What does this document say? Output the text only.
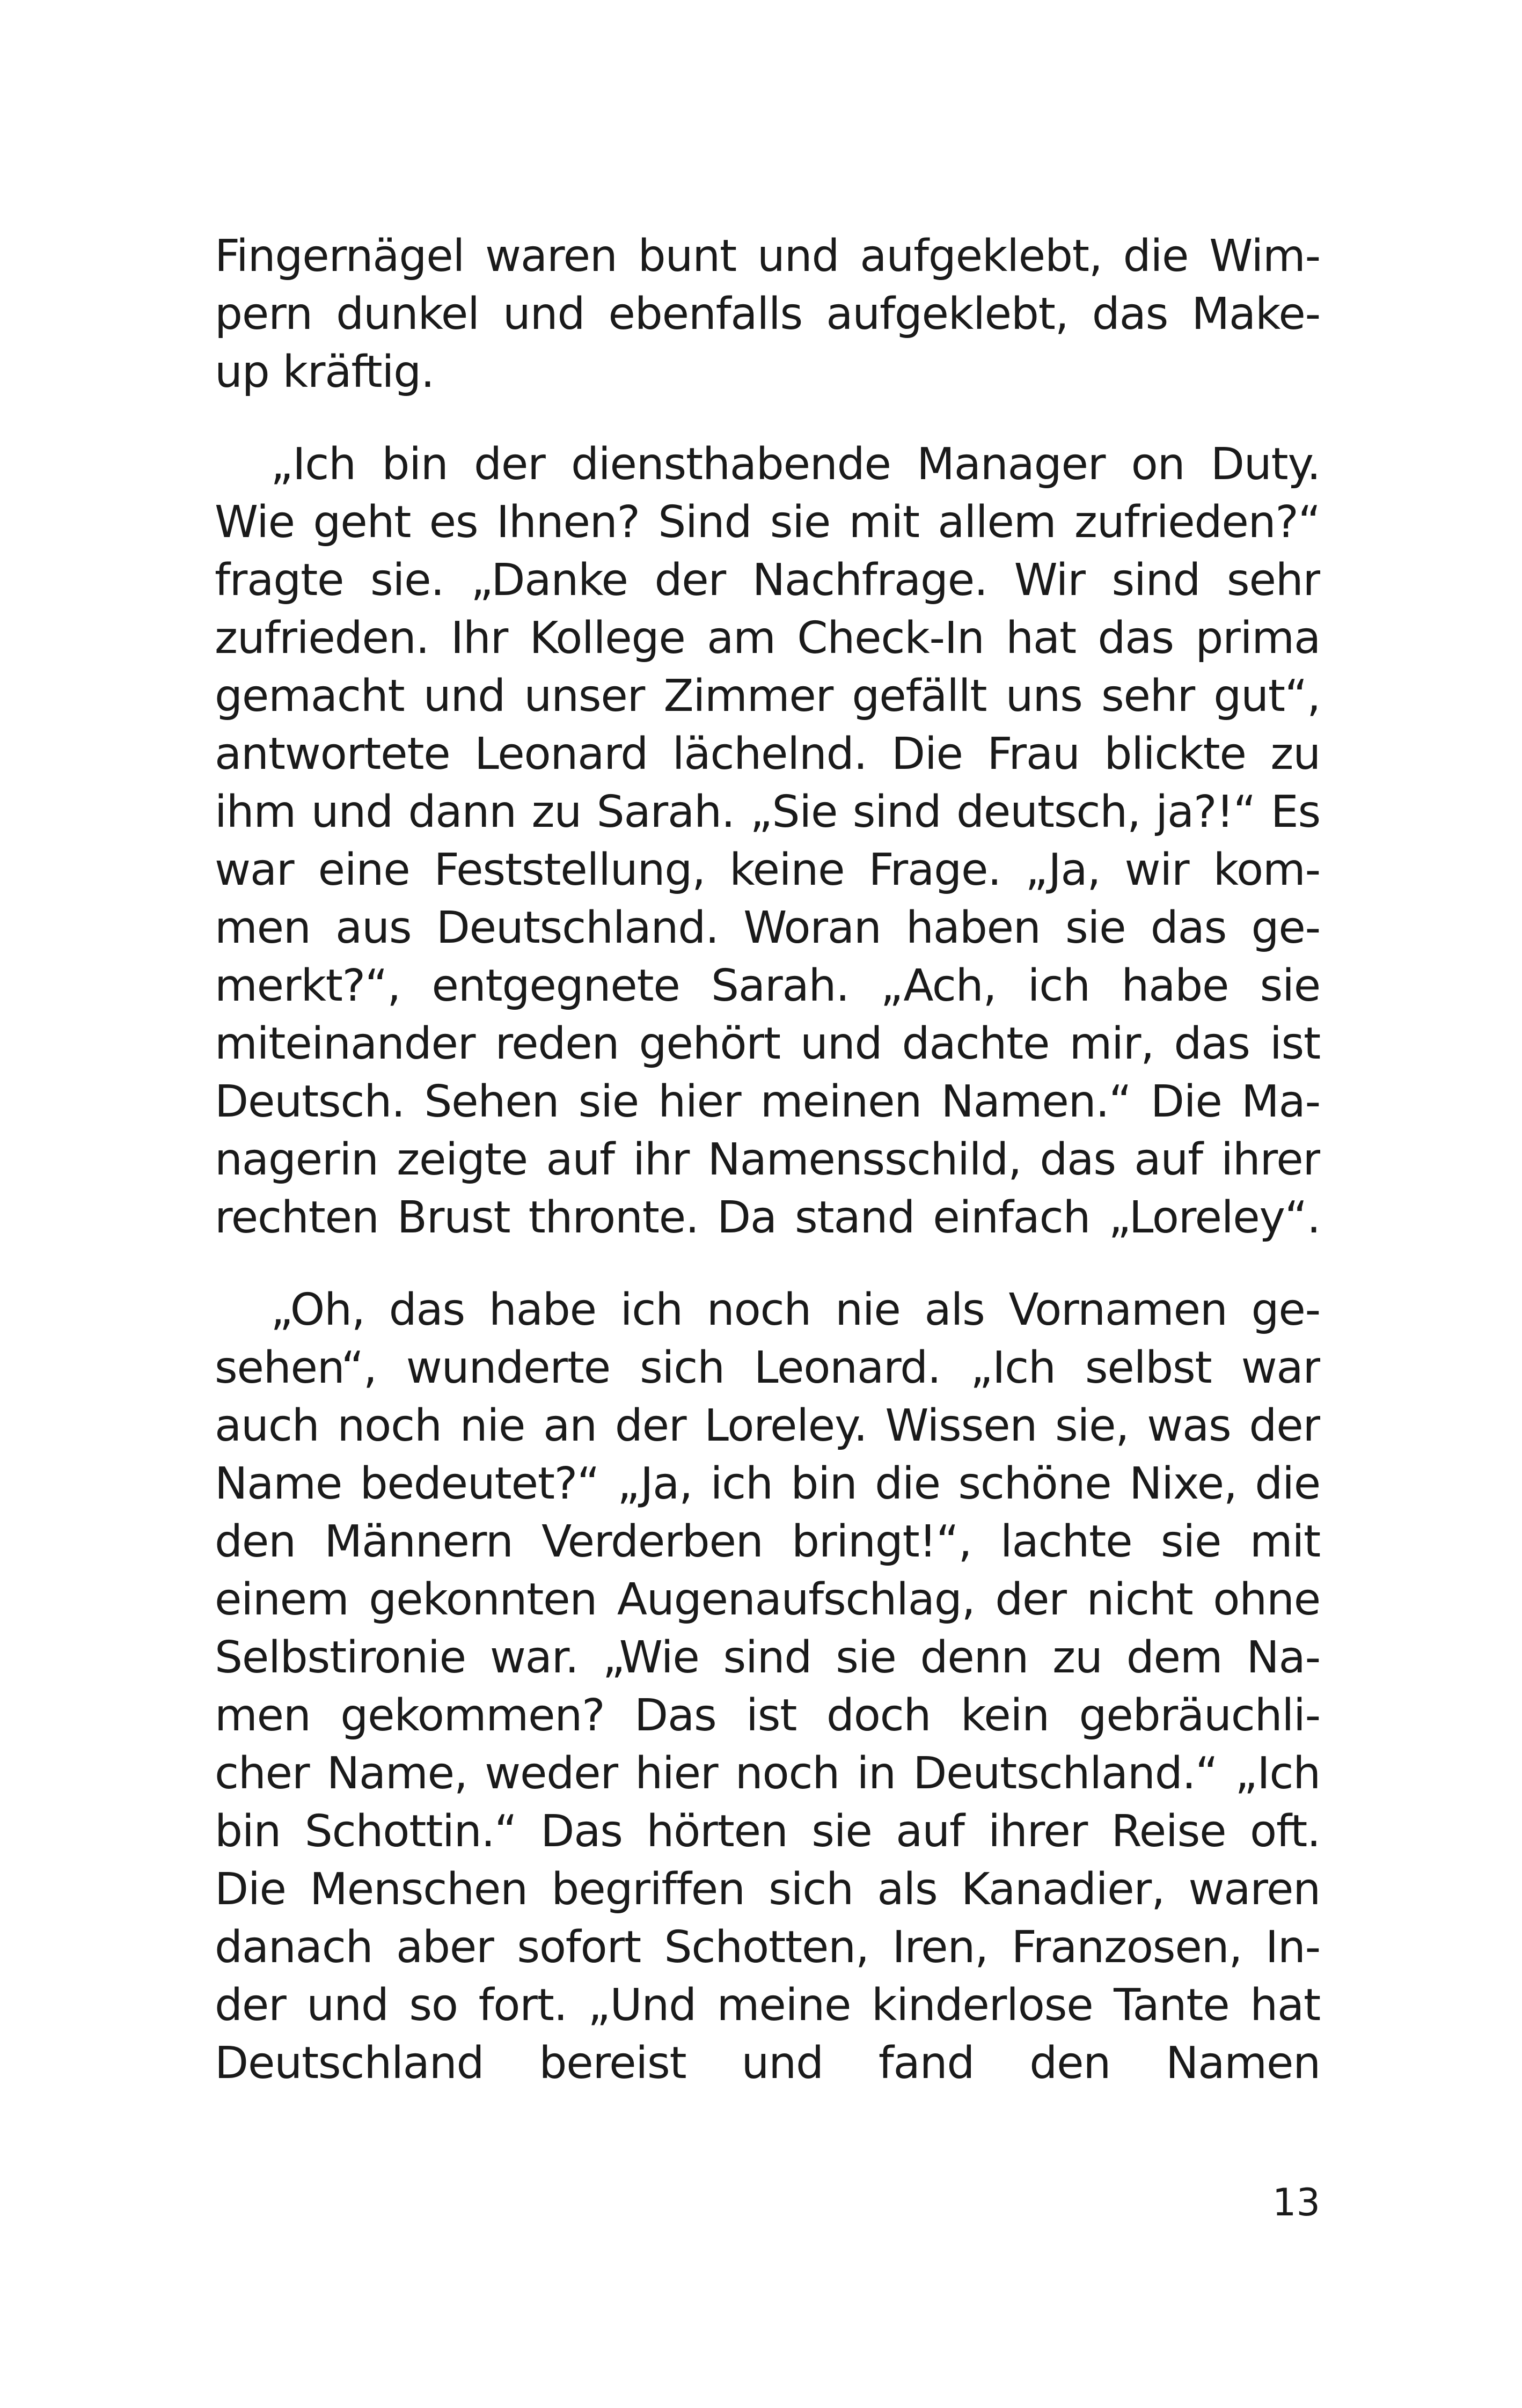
Fingernägel waren bunt und aufgeklebt, die Wim-
pern dunkel und ebenfalls aufgeklebt, das Make-
up kräftig.
„Ich bin der diensthabende Manager on Duty.
Wie geht es Ihnen? Sind sie mit allem zufrieden?“
fragte sie. „Danke der Nachfrage. Wir sind sehr
zufrieden. Ihr Kollege am Check-In hat das prima
gemacht und unser Zimmer gefällt uns sehr gut“,
antwortete Leonard lächelnd. Die Frau blickte zu
ihm und dann zu Sarah. „Sie sind deutsch, ja?!“ Es
war eine Feststellung, keine Frage. „Ja, wir kom-
men aus Deutschland. Woran haben sie das ge-
merkt?“, entgegnete Sarah. „Ach, ich habe sie
miteinander reden gehört und dachte mir, das ist
Deutsch. Sehen sie hier meinen Namen.“ Die Ma-
nagerin zeigte auf ihr Namensschild, das auf ihrer
rechten Brust thronte. Da stand einfach „Loreley“.
„Oh, das habe ich noch nie als Vornamen ge-
sehen“, wunderte sich Leonard. „Ich selbst war
auch noch nie an der Loreley. Wissen sie, was der
Name bedeutet?“ „Ja, ich bin die schöne Nixe, die
den Männern Verderben bringt!“, lachte sie mit
einem gekonnten Augenaufschlag, der nicht ohne
Selbstironie war. „Wie sind sie denn zu dem Na-
men gekommen? Das ist doch kein gebräuchli-
cher Name, weder hier noch in Deutschland.“ „Ich
bin Schottin.“ Das hörten sie auf ihrer Reise oft.
Die Menschen begriffen sich als Kanadier, waren
danach aber sofort Schotten, Iren, Franzosen, In-
der und so fort. „Und meine kinderlose Tante hat
Deutschland bereist und fand den Namen
13
